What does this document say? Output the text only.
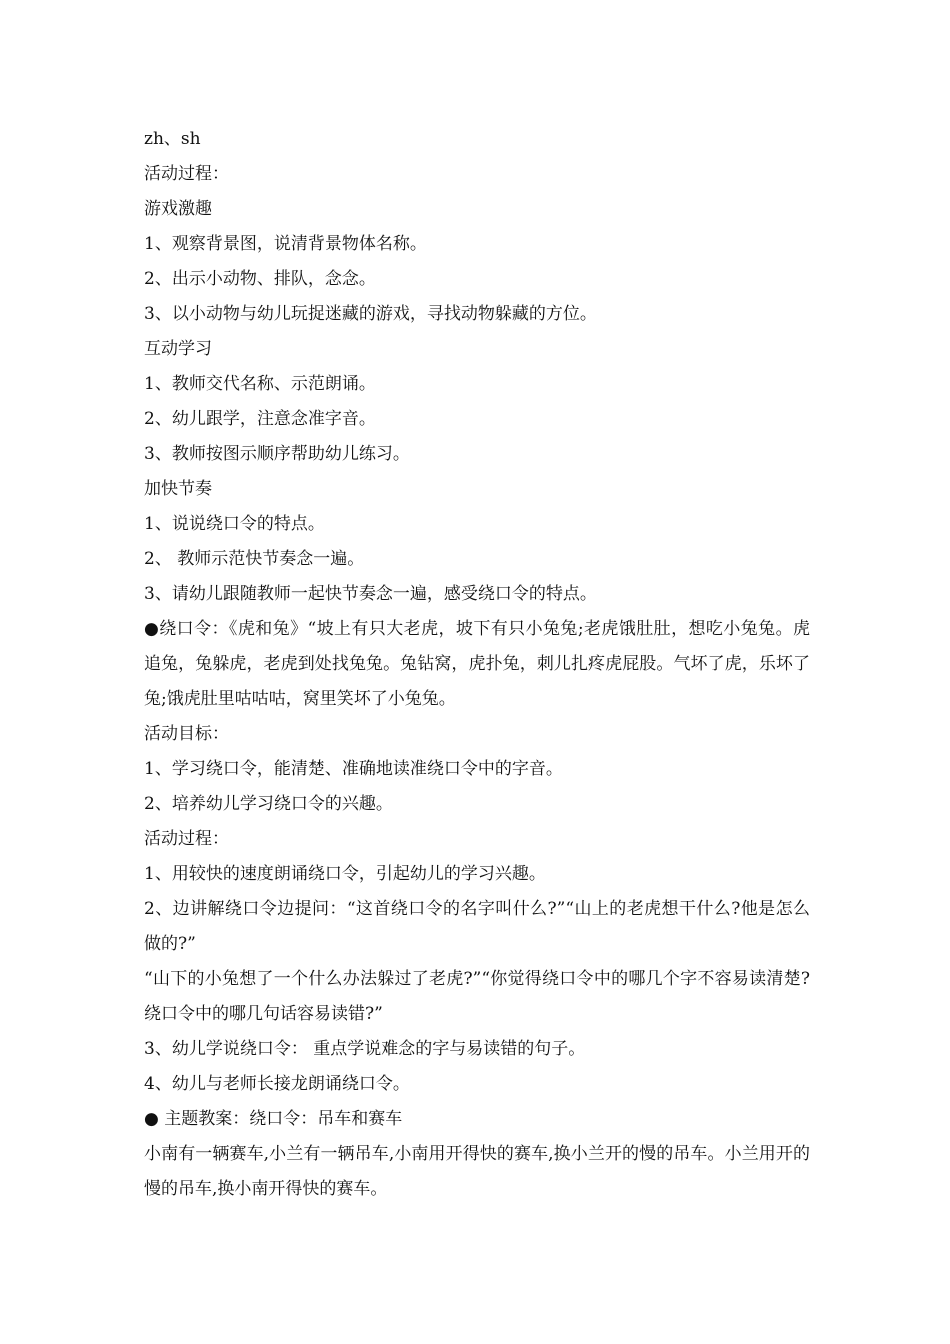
zh、sh
活动过程：
游戏激趣
1、观察背景图，说清背景物体名称。
2、出示小动物、排队，念念。
3、以小动物与幼儿玩捉迷藏的游戏，寻找动物躲藏的方位。
互动学习
1、教师交代名称、示范朗诵。
2、幼儿跟学，注意念准字音。
3、教师按图示顺序帮助幼儿练习。
加快节奏
1、说说绕口令的特点。
2、 教师示范快节奏念一遍。
3、请幼儿跟随教师一起快节奏念一遍，感受绕口令的特点。

●绕口令：《虎和兔》“坡上有只大老虎，坡下有只小兔兔;老虎饿肚肚，想吃小兔兔。虎追兔，兔躲虎，老虎到处找兔兔。兔钻窝，虎扑兔，刺儿扎疼虎屁股。气坏了虎，乐坏了兔;饿虎肚里咕咕咕，窝里笑坏了小兔兔。

活动目标：
1、学习绕口令，能清楚、准确地读准绕口令中的字音。
2、培养幼儿学习绕口令的兴趣。
活动过程：
1、用较快的速度朗诵绕口令，引起幼儿的学习兴趣。

2、边讲解绕口令边提问：“这首绕口令的名字叫什么?”“山上的老虎想干什么?他是怎么做的?”

“山下的小兔想了一个什么办法躲过了老虎?”“你觉得绕口令中的哪几个字不容易读清楚?绕口令中的哪几句话容易读错?”

3、幼儿学说绕口令： 重点学说难念的字与易读错的句子。
4、幼儿与老师长接龙朗诵绕口令。
● 主题教案：绕口令：吊车和赛车

小南有一辆赛车,小兰有一辆吊车,小南用开得快的赛车,换小兰开的慢的吊车。小兰用开的慢的吊车,换小南开得快的赛车。
